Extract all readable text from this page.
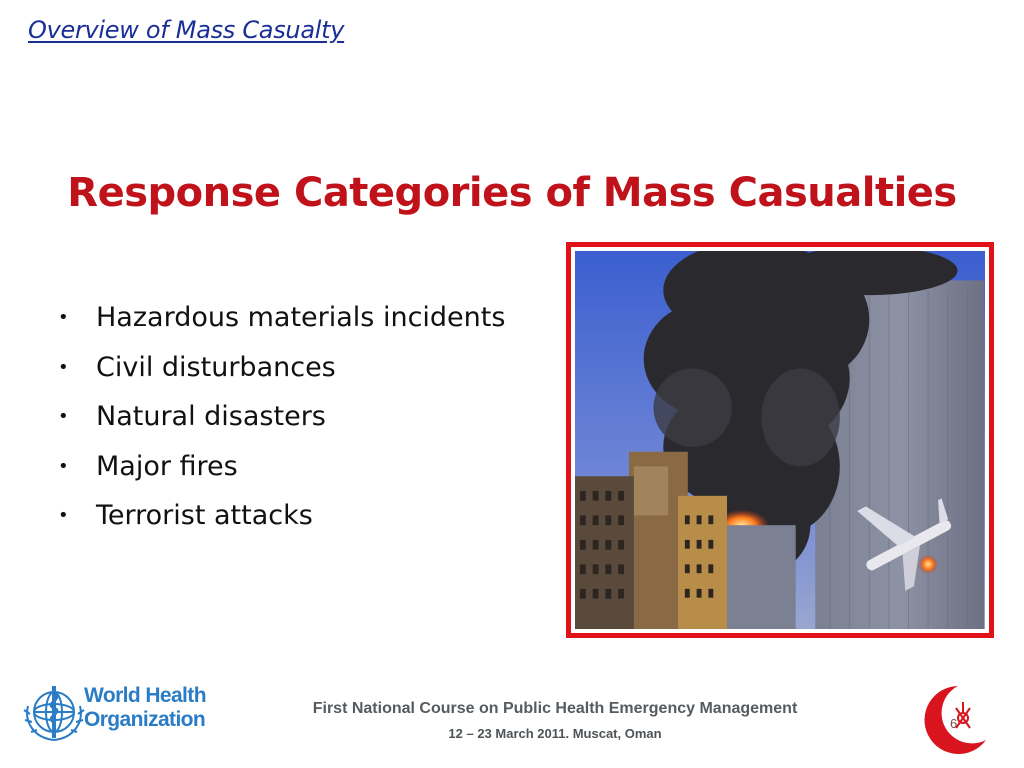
Overview of Mass Casualty
Response Categories of Mass Casualties
•	Hazardous materials incidents
•	Civil disturbances
•	Natural disasters
•	Major fires
•	Terrorist attacks
World Health
Organization	First National Course on Public Health Emergency Management
12 – 23 March 2011. Muscat, Oman
6
